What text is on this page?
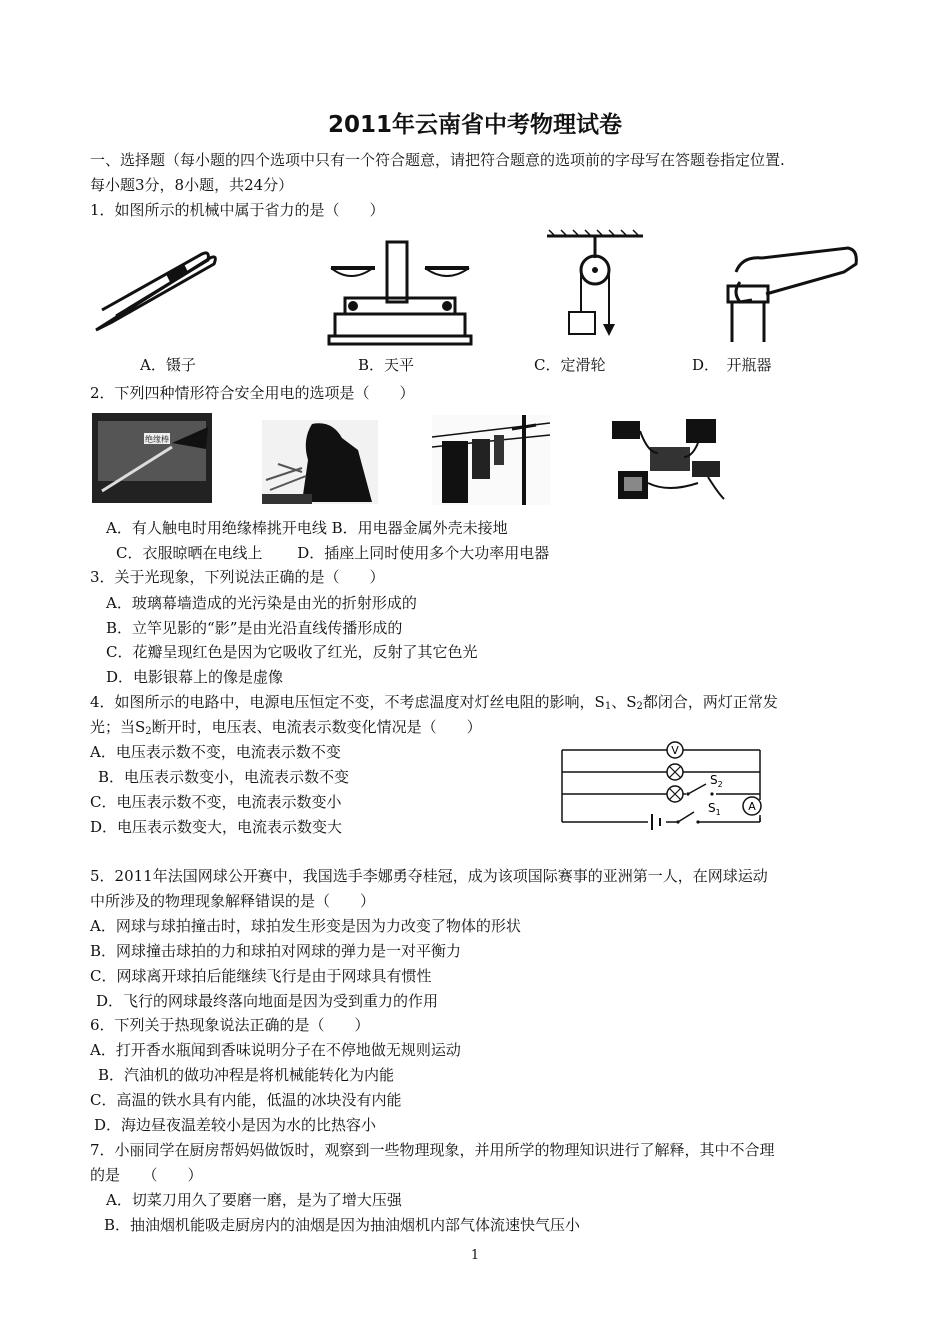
2011年云南省中考物理试卷
一、选择题（每小题的四个选项中只有一个符合题意，请把符合题意的选项前的字母写在答题卷指定位置.
每小题3分，8小题，共24分）
1．如图所示的机械中属于省力的是（　　）
A．镊子	B．天平	C．定滑轮	D．　开瓶器
2．下列四种情形符合安全用电的选项是（　　）
绝缘棒
A．有人触电时用绝缘棒挑开电线 B．用电器金属外壳未接地
C．衣服晾晒在电线上　　 D．插座上同时使用多个大功率用电器
3．关于光现象，下列说法正确的是（　　）
A．玻璃幕墙造成的光污染是由光的折射形成的
B．立竿见影的“影”是由光沿直线传播形成的
C．花瓣呈现红色是因为它吸收了红光，反射了其它色光
D．电影银幕上的像是虚像
4．如图所示的电路中，电源电压恒定不变，不考虑温度对灯丝电阻的影响，$S_1$、$S_2$都闭合，两灯正常发
光；当$S_2$断开时，电压表、电流表示数变化情况是（　　）
A．电压表示数不变，电流表示数不变
B．电压表示数变小，电流表示数不变
C．电压表示数不变，电流表示数变小
D．电压表示数变大，电流表示数变大
V
$S_2$
A
$S_1$
5．2011年法国网球公开赛中，我国选手李娜勇夺桂冠，成为该项国际赛事的亚洲第一人，在网球运动
中所涉及的物理现象解释错误的是（　　）
A．网球与球拍撞击时，球拍发生形变是因为力改变了物体的形状
B．网球撞击球拍的力和球拍对网球的弹力是一对平衡力
C．网球离开球拍后能继续飞行是由于网球具有惯性
D．飞行的网球最终落向地面是因为受到重力的作用
6．下列关于热现象说法正确的是（　　）
A．打开香水瓶闻到香味说明分子在不停地做无规则运动
B．汽油机的做功冲程是将机械能转化为内能
C．高温的铁水具有内能，低温的冰块没有内能
D．海边昼夜温差较小是因为水的比热容小
7．小丽同学在厨房帮妈妈做饭时，观察到一些物理现象，并用所学的物理知识进行了解释，其中不合理
的是　　（　　）
A．切菜刀用久了要磨一磨，是为了增大压强
B．抽油烟机能吸走厨房内的油烟是因为抽油烟机内部气体流速快气压小
1
